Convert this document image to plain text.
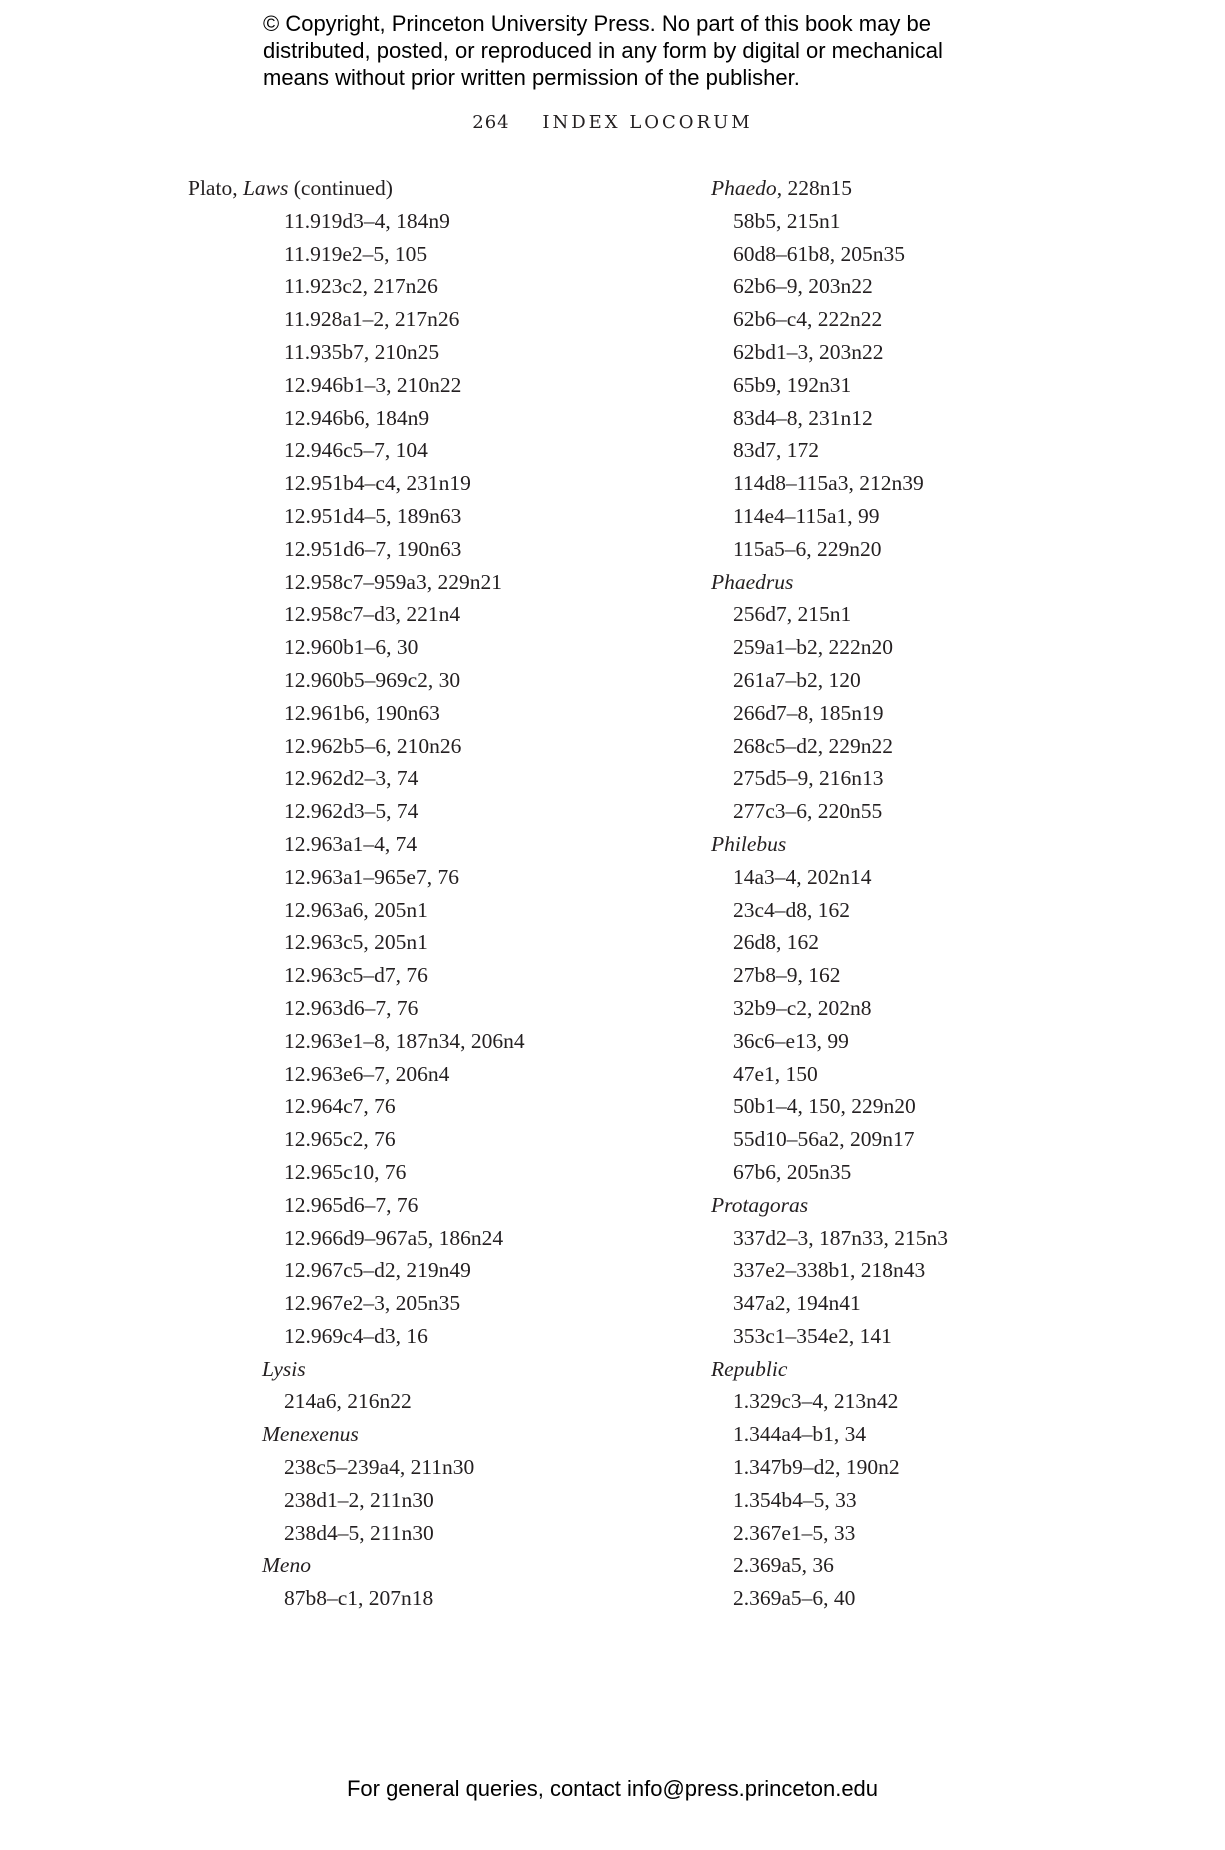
© Copyright, Princeton University Press. No part of this book may be
distributed, posted, or reproduced in any form by digital or mechanical
means without prior written permission of the publisher.
264 INDEX LOCORUM
Plato, Laws (continued)
11.919d3–4, 184n9
11.919e2–5, 105
11.923c2, 217n26
11.928a1–2, 217n26
11.935b7, 210n25
12.946b1–3, 210n22
12.946b6, 184n9
12.946c5–7, 104
12.951b4–c4, 231n19
12.951d4–5, 189n63
12.951d6–7, 190n63
12.958c7–959a3, 229n21
12.958c7–d3, 221n4
12.960b1–6, 30
12.960b5–969c2, 30
12.961b6, 190n63
12.962b5–6, 210n26
12.962d2–3, 74
12.962d3–5, 74
12.963a1–4, 74
12.963a1–965e7, 76
12.963a6, 205n1
12.963c5, 205n1
12.963c5–d7, 76
12.963d6–7, 76
12.963e1–8, 187n34, 206n4
12.963e6–7, 206n4
12.964c7, 76
12.965c2, 76
12.965c10, 76
12.965d6–7, 76
12.966d9–967a5, 186n24
12.967c5–d2, 219n49
12.967e2–3, 205n35
12.969c4–d3, 16
Lysis
214a6, 216n22
Menexenus
238c5–239a4, 211n30
238d1–2, 211n30
238d4–5, 211n30
Meno
87b8–c1, 207n18
Phaedo, 228n15
58b5, 215n1
60d8–61b8, 205n35
62b6–9, 203n22
62b6–c4, 222n22
62bd1–3, 203n22
65b9, 192n31
83d4–8, 231n12
83d7, 172
114d8–115a3, 212n39
114e4–115a1, 99
115a5–6, 229n20
Phaedrus
256d7, 215n1
259a1–b2, 222n20
261a7–b2, 120
266d7–8, 185n19
268c5–d2, 229n22
275d5–9, 216n13
277c3–6, 220n55
Philebus
14a3–4, 202n14
23c4–d8, 162
26d8, 162
27b8–9, 162
32b9–c2, 202n8
36c6–e13, 99
47e1, 150
50b1–4, 150, 229n20
55d10–56a2, 209n17
67b6, 205n35
Protagoras
337d2–3, 187n33, 215n3
337e2–338b1, 218n43
347a2, 194n41
353c1–354e2, 141
Republic
1.329c3–4, 213n42
1.344a4–b1, 34
1.347b9–d2, 190n2
1.354b4–5, 33
2.367e1–5, 33
2.369a5, 36
2.369a5–6, 40
For general queries, contact info@press.princeton.edu
